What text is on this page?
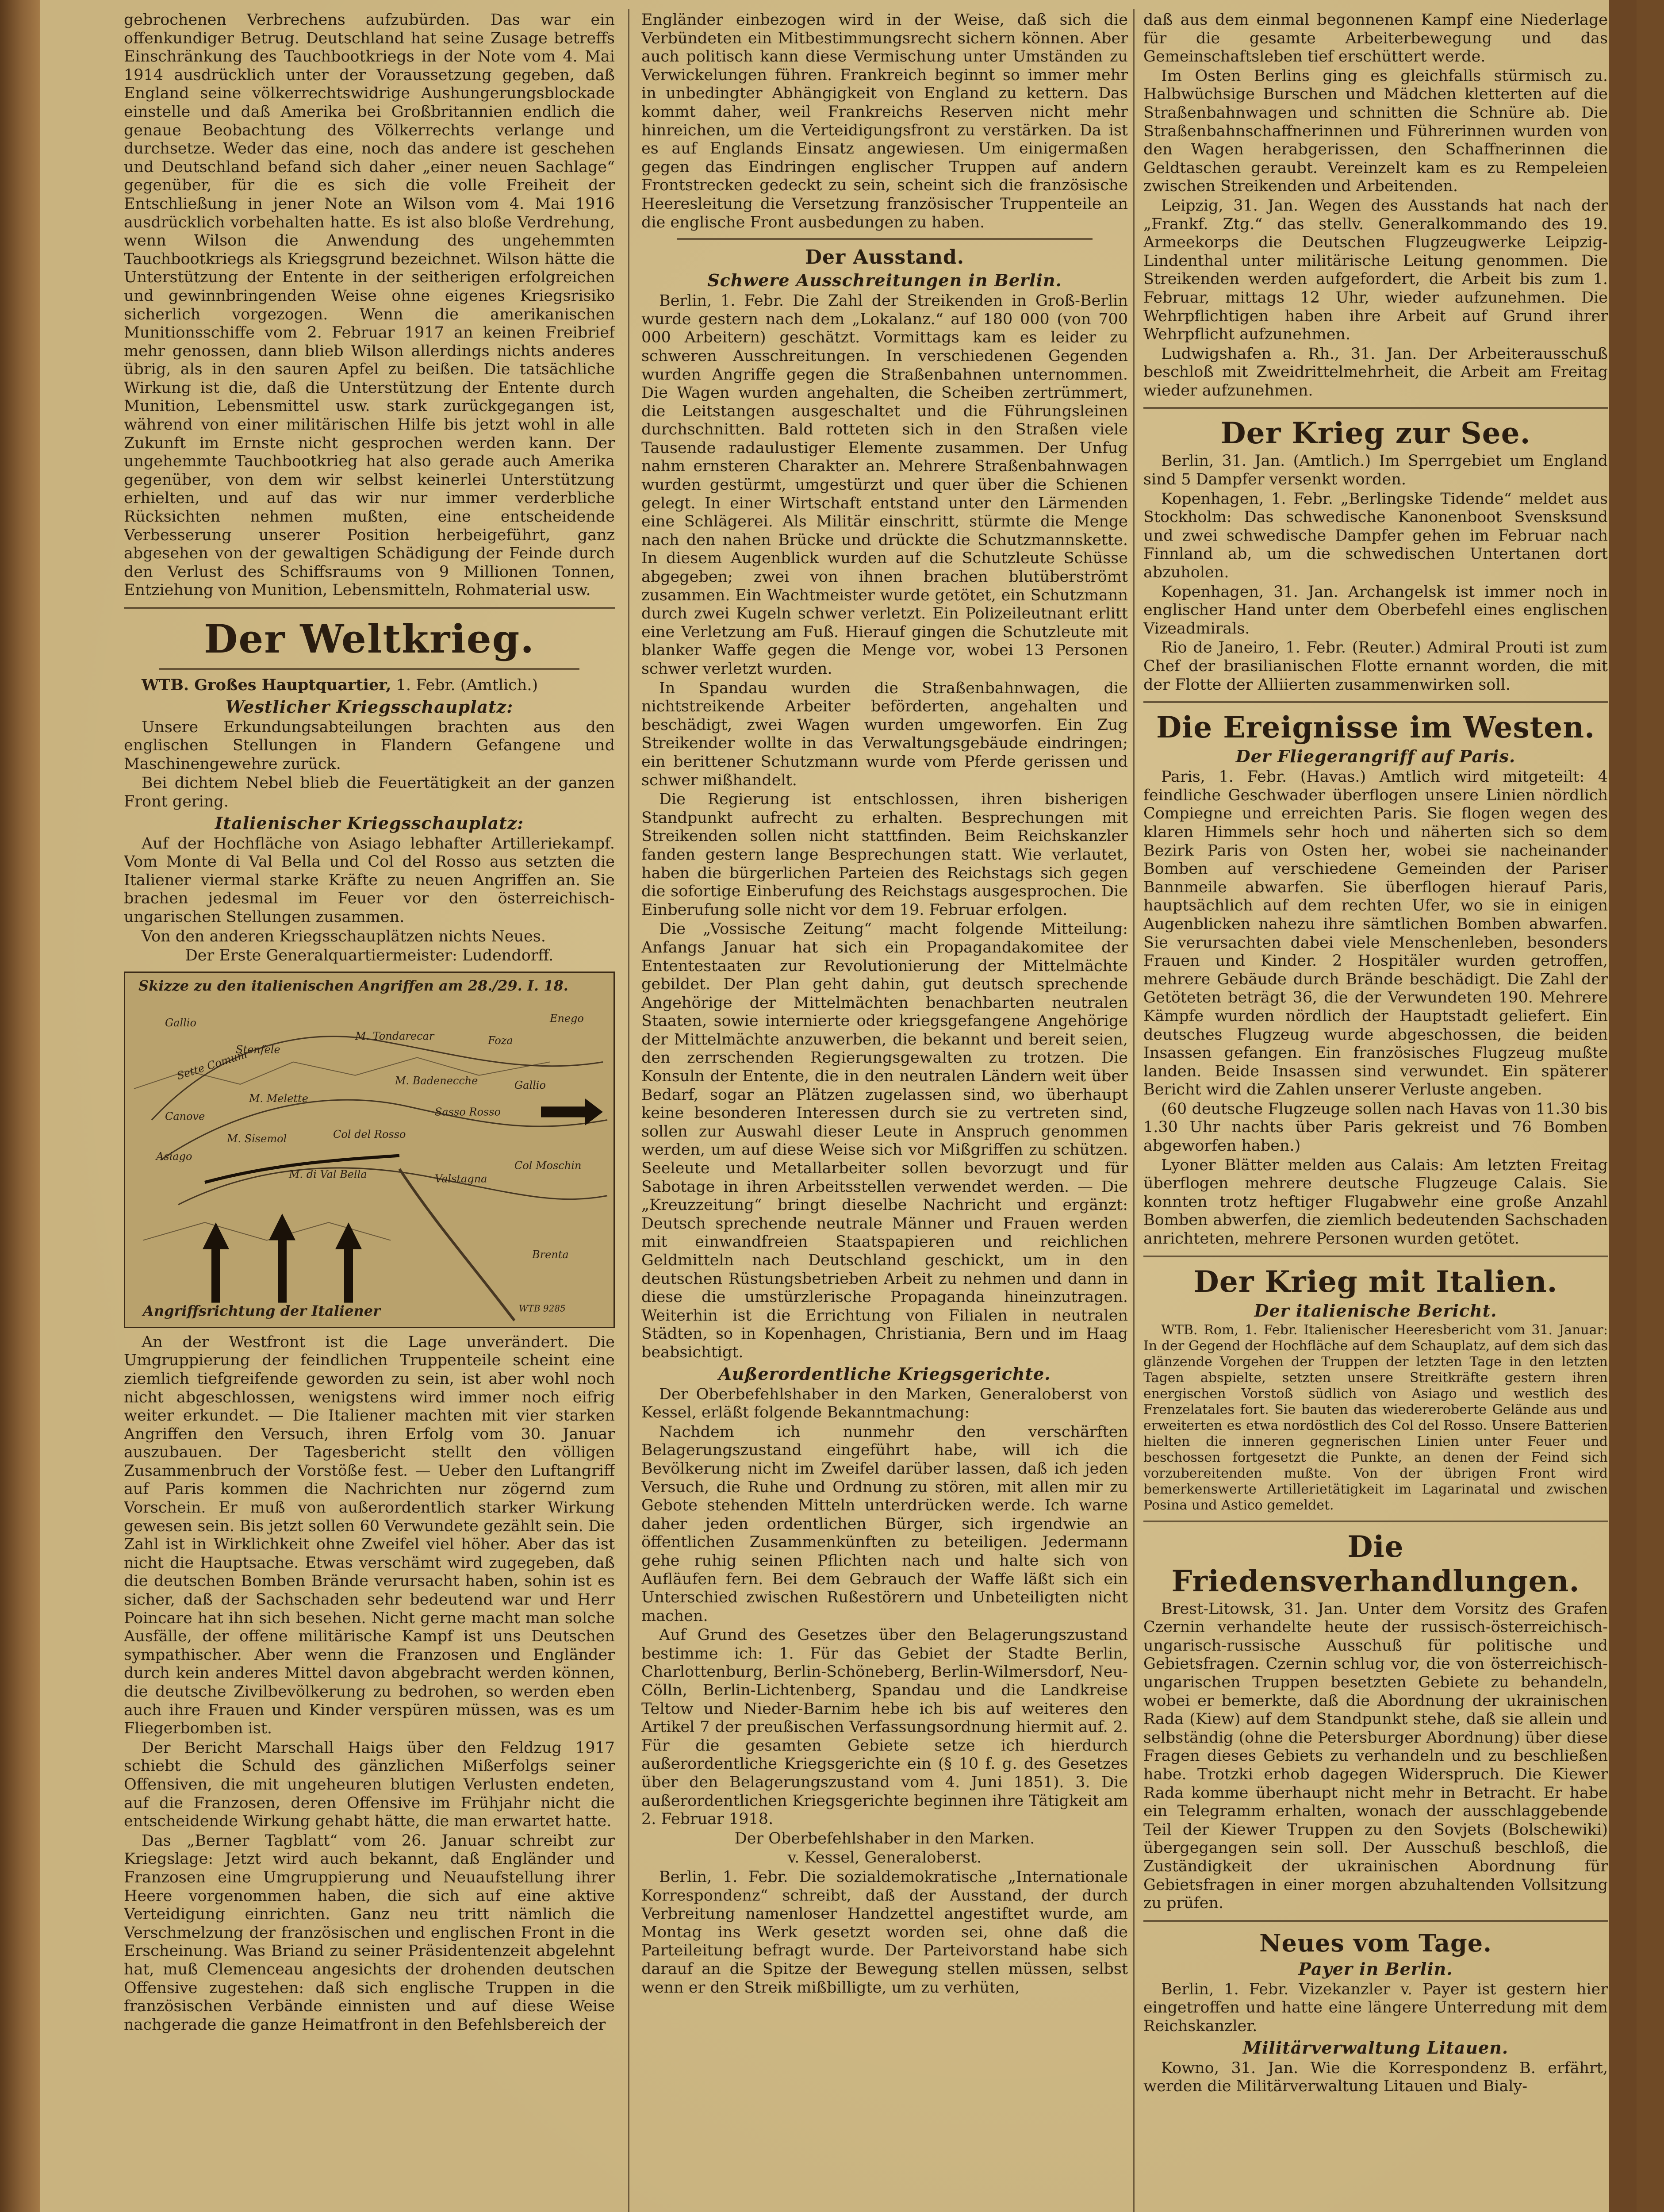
gebrochenen Verbrechens aufzubürden. Das war ein offenkundiger Betrug. Deutschland hat seine Zusage betreffs Einschränkung des Tauchbootkriegs in der Note vom 4. Mai 1914 ausdrücklich unter der Voraussetzung gegeben, daß England seine völkerrechtswidrige Aushungerungsblockade einstelle und daß Amerika bei Großbritannien endlich die genaue Beobachtung des Völkerrechts verlange und durchsetze. Weder das eine, noch das andere ist geschehen und Deutschland befand sich daher „einer neuen Sachlage“ gegenüber, für die es sich die volle Freiheit der Entschließung in jener Note an Wilson vom 4. Mai 1916 ausdrücklich vorbehalten hatte. Es ist also bloße Verdrehung, wenn Wilson die Anwendung des ungehemmten Tauchbootkriegs als Kriegsgrund bezeichnet. Wilson hätte die Unterstützung der Entente in der seitherigen erfolgreichen und gewinnbringenden Weise ohne eigenes Kriegsrisiko sicherlich vorgezogen. Wenn die amerikanischen Munitionsschiffe vom 2. Februar 1917 an keinen Freibrief mehr genossen, dann blieb Wilson allerdings nichts anderes übrig, als in den sauren Apfel zu beißen. Die tatsächliche Wirkung ist die, daß die Unterstützung der Entente durch Munition, Lebensmittel usw. stark zurückgegangen ist, während von einer militärischen Hilfe bis jetzt wohl in alle Zukunft im Ernste nicht gesprochen werden kann. Der ungehemmte Tauchbootkrieg hat also gerade auch Amerika gegenüber, von dem wir selbst keinerlei Unterstützung erhielten, und auf das wir nur immer verderbliche Rücksichten nehmen mußten, eine entscheidende Verbesserung unserer Position herbeigeführt, ganz abgesehen von der gewaltigen Schädigung der Feinde durch den Verlust des Schiffsraums von 9 Millionen Tonnen, Entziehung von Munition, Lebensmitteln, Rohmaterial usw.

Der Weltkrieg.

WTB. Großes Hauptquartier, 1. Febr. (Amtlich.)

Westlicher Kriegsschauplatz:

Unsere Erkundungsabteilungen brachten aus den englischen Stellungen in Flandern Gefangene und Maschinengewehre zurück.

Bei dichtem Nebel blieb die Feuertätigkeit an der ganzen Front gering.

Italienischer Kriegsschauplatz:

Auf der Hochfläche von Asiago lebhafter Artilleriekampf. Vom Monte di Val Bella und Col del Rosso aus setzten die Italiener viermal starke Kräfte zu neuen Angriffen an. Sie brachen jedesmal im Feuer vor den österreichisch-ungarischen Stellungen zusammen.

Von den anderen Kriegsschauplätzen nichts Neues.

Der Erste Generalquartiermeister: Ludendorff.

Gallio	Enego
M. Tondarecar
M. Badenecche
Sette Comuni
Asiago
Col del Rosso
M. di Val Bella
Sasso Rosso
Valstagna
Col Moschin
Brenta
M. Melette
Foza
Stenfele
M. Sisemol
Canove
Gallio
WTB 9285
Skizze zu den italienischen Angriffen am 28./29. I. 18.
Angriffsrichtung der Italiener

An der Westfront ist die Lage unverändert. Die Umgruppierung der feindlichen Truppenteile scheint eine ziemlich tiefgreifende geworden zu sein, ist aber wohl noch nicht abgeschlossen, wenigstens wird immer noch eifrig weiter erkundet. — Die Italiener machten mit vier starken Angriffen den Versuch, ihren Erfolg vom 30. Januar auszubauen. Der Tagesbericht stellt den völligen Zusammenbruch der Vorstöße fest. — Ueber den Luftangriff auf Paris kommen die Nachrichten nur zögernd zum Vorschein. Er muß von außerordentlich starker Wirkung gewesen sein. Bis jetzt sollen 60 Verwundete gezählt sein. Die Zahl ist in Wirklichkeit ohne Zweifel viel höher. Aber das ist nicht die Hauptsache. Etwas verschämt wird zugegeben, daß die deutschen Bomben Brände verursacht haben, sohin ist es sicher, daß der Sachschaden sehr bedeutend war und Herr Poincare hat ihn sich besehen. Nicht gerne macht man solche Ausfälle, der offene militärische Kampf ist uns Deutschen sympathischer. Aber wenn die Franzosen und Engländer durch kein anderes Mittel davon abgebracht werden können, die deutsche Zivilbevölkerung zu bedrohen, so werden eben auch ihre Frauen und Kinder verspüren müssen, was es um Fliegerbomben ist.

Der Bericht Marschall Haigs über den Feldzug 1917 schiebt die Schuld des gänzlichen Mißerfolgs seiner Offensiven, die mit ungeheuren blutigen Verlusten endeten, auf die Franzosen, deren Offensive im Frühjahr nicht die entscheidende Wirkung gehabt hätte, die man erwartet hatte.

Das „Berner Tagblatt“ vom 26. Januar schreibt zur Kriegslage: Jetzt wird auch bekannt, daß Engländer und Franzosen eine Umgruppierung und Neuaufstellung ihrer Heere vorgenommen haben, die sich auf eine aktive Verteidigung einrichten. Ganz neu tritt nämlich die Verschmelzung der französischen und englischen Front in die Erscheinung. Was Briand zu seiner Präsidentenzeit abgelehnt hat, muß Clemenceau angesichts der drohenden deutschen Offensive zugestehen: daß sich englische Truppen in die französischen Verbände einnisten und auf diese Weise nachgerade die ganze Heimatfront in den Befehlsbereich der

Engländer einbezogen wird in der Weise, daß sich die Verbündeten ein Mitbestimmungsrecht sichern können. Aber auch politisch kann diese Vermischung unter Umständen zu Verwickelungen führen. Frankreich beginnt so immer mehr in unbedingter Abhängigkeit von England zu kettern. Das kommt daher, weil Frankreichs Reserven nicht mehr hinreichen, um die Verteidigungsfront zu verstärken. Da ist es auf Englands Einsatz angewiesen. Um einigermaßen gegen das Eindringen englischer Truppen auf andern Frontstrecken gedeckt zu sein, scheint sich die französische Heeresleitung die Versetzung französischer Truppenteile an die englische Front ausbedungen zu haben.

Der Ausstand.
Schwere Ausschreitungen in Berlin.

Berlin, 1. Febr. Die Zahl der Streikenden in Groß-Berlin wurde gestern nach dem „Lokalanz.“ auf 180 000 (von 700 000 Arbeitern) geschätzt. Vormittags kam es leider zu schweren Ausschreitungen. In verschiedenen Gegenden wurden Angriffe gegen die Straßenbahnen unternommen. Die Wagen wurden angehalten, die Scheiben zertrümmert, die Leitstangen ausgeschaltet und die Führungsleinen durchschnitten. Bald rotteten sich in den Straßen viele Tausende radaulustiger Elemente zusammen. Der Unfug nahm ernsteren Charakter an. Mehrere Straßenbahnwagen wurden gestürmt, umgestürzt und quer über die Schienen gelegt. In einer Wirtschaft entstand unter den Lärmenden eine Schlägerei. Als Militär einschritt, stürmte die Menge nach den nahen Brücke und drückte die Schutzmannskette. In diesem Augenblick wurden auf die Schutzleute Schüsse abgegeben; zwei von ihnen brachen blutüberströmt zusammen. Ein Wachtmeister wurde getötet, ein Schutzmann durch zwei Kugeln schwer verletzt. Ein Polizeileutnant erlitt eine Verletzung am Fuß. Hierauf gingen die Schutzleute mit blanker Waffe gegen die Menge vor, wobei 13 Personen schwer verletzt wurden.

In Spandau wurden die Straßenbahnwagen, die nichtstreikende Arbeiter beförderten, angehalten und beschädigt, zwei Wagen wurden umgeworfen. Ein Zug Streikender wollte in das Verwaltungsgebäude eindringen; ein berittener Schutzmann wurde vom Pferde gerissen und schwer mißhandelt.

Die Regierung ist entschlossen, ihren bisherigen Standpunkt aufrecht zu erhalten. Besprechungen mit Streikenden sollen nicht stattfinden. Beim Reichskanzler fanden gestern lange Besprechungen statt. Wie verlautet, haben die bürgerlichen Parteien des Reichstags sich gegen die sofortige Einberufung des Reichstags ausgesprochen. Die Einberufung solle nicht vor dem 19. Februar erfolgen.

Die „Vossische Zeitung“ macht folgende Mitteilung: Anfangs Januar hat sich ein Propagandakomitee der Ententestaaten zur Revolutionierung der Mittelmächte gebildet. Der Plan geht dahin, gut deutsch sprechende Angehörige der Mittelmächten benachbarten neutralen Staaten, sowie internierte oder kriegsgefangene Angehörige der Mittelmächte anzuwerben, die bekannt und bereit seien, den zerrschenden Regierungsgewalten zu trotzen. Die Konsuln der Entente, die in den neutralen Ländern weit über Bedarf, sogar an Plätzen zugelassen sind, wo überhaupt keine besonderen Interessen durch sie zu vertreten sind, sollen zur Auswahl dieser Leute in Anspruch genommen werden, um auf diese Weise sich vor Mißgriffen zu schützen. Seeleute und Metallarbeiter sollen bevorzugt und für Sabotage in ihren Arbeitsstellen verwendet werden. — Die „Kreuzzeitung“ bringt dieselbe Nachricht und ergänzt: Deutsch sprechende neutrale Männer und Frauen werden mit einwandfreien Staatspapieren und reichlichen Geldmitteln nach Deutschland geschickt, um in den deutschen Rüstungsbetrieben Arbeit zu nehmen und dann in diese die umstürzlerische Propaganda hineinzutragen. Weiterhin ist die Errichtung von Filialen in neutralen Städten, so in Kopenhagen, Christiania, Bern und im Haag beabsichtigt.

Außerordentliche Kriegsgerichte.

Der Oberbefehlshaber in den Marken, Generaloberst von Kessel, erläßt folgende Bekanntmachung:

Nachdem ich nunmehr den verschärften Belagerungszustand eingeführt habe, will ich die Bevölkerung nicht im Zweifel darüber lassen, daß ich jeden Versuch, die Ruhe und Ordnung zu stören, mit allen mir zu Gebote stehenden Mitteln unterdrücken werde. Ich warne daher jeden ordentlichen Bürger, sich irgendwie an öffentlichen Zusammenkünften zu beteiligen. Jedermann gehe ruhig seinen Pflichten nach und halte sich von Aufläufen fern. Bei dem Gebrauch der Waffe läßt sich ein Unterschied zwischen Rußestörern und Unbeteiligten nicht machen.

Auf Grund des Gesetzes über den Belagerungszustand bestimme ich: 1. Für das Gebiet der Stadte Berlin, Charlottenburg, Berlin-Schöneberg, Berlin-Wilmersdorf, Neu-Cölln, Berlin-Lichtenberg, Spandau und die Landkreise Teltow und Nieder-Barnim hebe ich bis auf weiteres den Artikel 7 der preußischen Verfassungsordnung hiermit auf. 2. Für die gesamten Gebiete setze ich hierdurch außerordentliche Kriegsgerichte ein (§ 10 f. g. des Gesetzes über den Belagerungszustand vom 4. Juni 1851). 3. Die außerordentlichen Kriegsgerichte beginnen ihre Tätigkeit am 2. Februar 1918.

Der Oberbefehlshaber in den Marken.

v. Kessel, Generaloberst.

Berlin, 1. Febr. Die sozialdemokratische „Internationale Korrespondenz“ schreibt, daß der Ausstand, der durch Verbreitung namenloser Handzettel angestiftet wurde, am Montag ins Werk gesetzt worden sei, ohne daß die Parteileitung befragt wurde. Der Parteivorstand habe sich darauf an die Spitze der Bewegung stellen müssen, selbst wenn er den Streik mißbilligte, um zu verhüten,

daß aus dem einmal begonnenen Kampf eine Niederlage für die gesamte Arbeiterbewegung und das Gemeinschaftsleben tief erschüttert werde.

Im Osten Berlins ging es gleichfalls stürmisch zu. Halbwüchsige Burschen und Mädchen kletterten auf die Straßenbahnwagen und schnitten die Schnüre ab. Die Straßenbahnschaffnerinnen und Führerinnen wurden von den Wagen herabgerissen, den Schaffnerinnen die Geldtaschen geraubt. Vereinzelt kam es zu Rempeleien zwischen Streikenden und Arbeitenden.

Leipzig, 31. Jan. Wegen des Ausstands hat nach der „Frankf. Ztg.“ das stellv. Generalkommando des 19. Armeekorps die Deutschen Flugzeugwerke Leipzig-Lindenthal unter militärische Leitung genommen. Die Streikenden werden aufgefordert, die Arbeit bis zum 1. Februar, mittags 12 Uhr, wieder aufzunehmen. Die Wehrpflichtigen haben ihre Arbeit auf Grund ihrer Wehrpflicht aufzunehmen.

Ludwigshafen a. Rh., 31. Jan. Der Arbeiterausschuß beschloß mit Zweidrittelmehrheit, die Arbeit am Freitag wieder aufzunehmen.

Der Krieg zur See.

Berlin, 31. Jan. (Amtlich.) Im Sperrgebiet um England sind 5 Dampfer versenkt worden.

Kopenhagen, 1. Febr. „Berlingske Tidende“ meldet aus Stockholm: Das schwedische Kanonenboot Svensksund und zwei schwedische Dampfer gehen im Februar nach Finnland ab, um die schwedischen Untertanen dort abzuholen.

Kopenhagen, 31. Jan. Archangelsk ist immer noch in englischer Hand unter dem Oberbefehl eines englischen Vizeadmirals.

Rio de Janeiro, 1. Febr. (Reuter.) Admiral Prouti ist zum Chef der brasilianischen Flotte ernannt worden, die mit der Flotte der Alliierten zusammenwirken soll.

Die Ereignisse im Westen.
Der Fliegerangriff auf Paris.

Paris, 1. Febr. (Havas.) Amtlich wird mitgeteilt: 4 feindliche Geschwader überflogen unsere Linien nördlich Compiegne und erreichten Paris. Sie flogen wegen des klaren Himmels sehr hoch und näherten sich so dem Bezirk Paris von Osten her, wobei sie nacheinander Bomben auf verschiedene Gemeinden der Pariser Bannmeile abwarfen. Sie überflogen hierauf Paris, hauptsächlich auf dem rechten Ufer, wo sie in einigen Augenblicken nahezu ihre sämtlichen Bomben abwarfen. Sie verursachten dabei viele Menschenleben, besonders Frauen und Kinder. 2 Hospitäler wurden getroffen, mehrere Gebäude durch Brände beschädigt. Die Zahl der Getöteten beträgt 36, die der Verwundeten 190. Mehrere Kämpfe wurden nördlich der Hauptstadt geliefert. Ein deutsches Flugzeug wurde abgeschossen, die beiden Insassen gefangen. Ein französisches Flugzeug mußte landen. Beide Insassen sind verwundet. Ein späterer Bericht wird die Zahlen unserer Verluste angeben.

(60 deutsche Flugzeuge sollen nach Havas von 11.30 bis 1.30 Uhr nachts über Paris gekreist und 76 Bomben abgeworfen haben.)

Lyoner Blätter melden aus Calais: Am letzten Freitag überflogen mehrere deutsche Flugzeuge Calais. Sie konnten trotz heftiger Flugabwehr eine große Anzahl Bomben abwerfen, die ziemlich bedeutenden Sachschaden anrichteten, mehrere Personen wurden getötet.

Der Krieg mit Italien.
Der italienische Bericht.

WTB. Rom, 1. Febr. Italienischer Heeresbericht vom 31. Januar: In der Gegend der Hochfläche auf dem Schauplatz, auf dem sich das glänzende Vorgehen der Truppen der letzten Tage in den letzten Tagen abspielte, setzten unsere Streitkräfte gestern ihren energischen Vorstoß südlich von Asiago und westlich des Frenzelatales fort. Sie bauten das wiedereroberte Gelände aus und erweiterten es etwa nordöstlich des Col del Rosso. Unsere Batterien hielten die inneren gegnerischen Linien unter Feuer und beschossen fortgesetzt die Punkte, an denen der Feind sich vorzubereitenden mußte. Von der übrigen Front wird bemerkenswerte Artillerietätigkeit im Lagarinatal und zwischen Posina und Astico gemeldet.

Die Friedensverhandlungen.

Brest-Litowsk, 31. Jan. Unter dem Vorsitz des Grafen Czernin verhandelte heute der russisch-österreichisch-ungarisch-russische Ausschuß für politische und Gebietsfragen. Czernin schlug vor, die von österreichisch-ungarischen Truppen besetzten Gebiete zu behandeln, wobei er bemerkte, daß die Abordnung der ukrainischen Rada (Kiew) auf dem Standpunkt stehe, daß sie allein und selbständig (ohne die Petersburger Abordnung) über diese Fragen dieses Gebiets zu verhandeln und zu beschließen habe. Trotzki erhob dagegen Widerspruch. Die Kiewer Rada komme überhaupt nicht mehr in Betracht. Er habe ein Telegramm erhalten, wonach der ausschlaggebende Teil der Kiewer Truppen zu den Sovjets (Bolschewiki) übergegangen sein soll. Der Ausschuß beschloß, die Zuständigkeit der ukrainischen Abordnung für Gebietsfragen in einer morgen abzuhaltenden Vollsitzung zu prüfen.

Neues vom Tage.
Payer in Berlin.

Berlin, 1. Febr. Vizekanzler v. Payer ist gestern hier eingetroffen und hatte eine längere Unterredung mit dem Reichskanzler.

Militärverwaltung Litauen.

Kowno, 31. Jan. Wie die Korrespondenz B. erfährt, werden die Militärverwaltung Litauen und Bialy-
